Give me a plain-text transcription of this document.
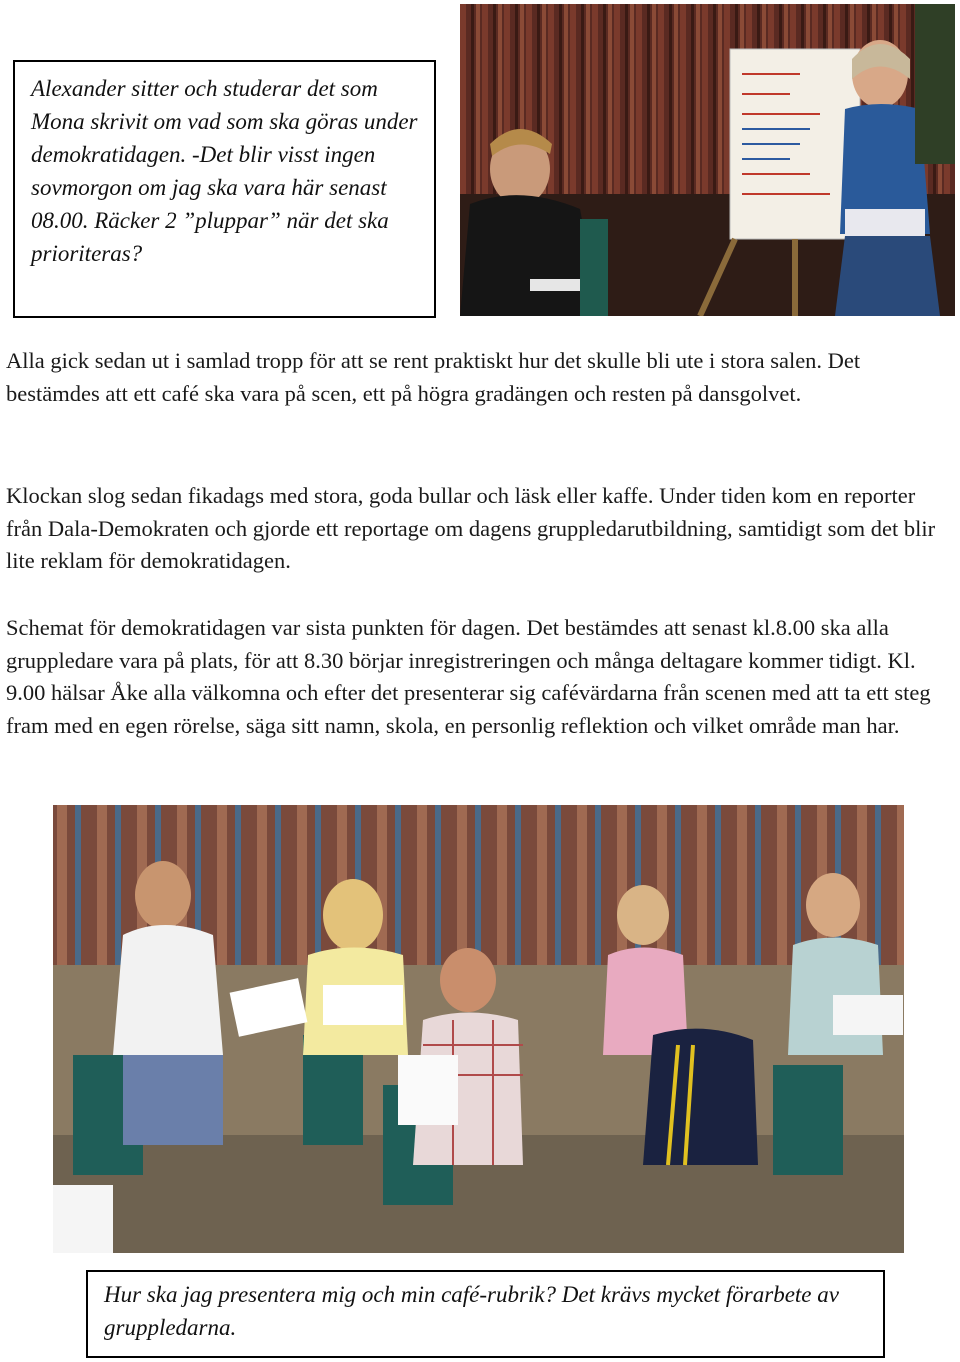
Alexander sitter och studerar det som Mona skrivit om vad som ska göras under demokratidagen. -Det blir visst ingen sovmorgon om jag ska vara här senast 08.00. Räcker 2 ”pluppar” när det ska prioriteras?

Alla gick sedan ut i samlad tropp för att se rent praktiskt hur det skulle bli ute i stora salen. Det bestämdes att ett café ska vara på scen, ett på högra gradängen och resten på dansgolvet.

Klockan slog sedan fikadags med stora, goda bullar och läsk eller kaffe. Under tiden kom en reporter från Dala-Demokraten och gjorde ett reportage om dagens gruppledarutbildning, samtidigt som det blir lite reklam för demokratidagen.

Schemat för demokratidagen var sista punkten för dagen. Det bestämdes att senast kl.8.00 ska alla gruppledare vara på plats, för att 8.30 börjar inregistreringen och många deltagare kommer tidigt. Kl. 9.00 hälsar Åke alla välkomna och efter det presenterar sig cafévärdarna från scenen med att ta ett steg fram med en egen rörelse, säga sitt namn, skola, en personlig reflektion och vilket område man har.

Hur ska jag presentera mig och min café-rubrik? Det krävs mycket förarbete av gruppledarna.
